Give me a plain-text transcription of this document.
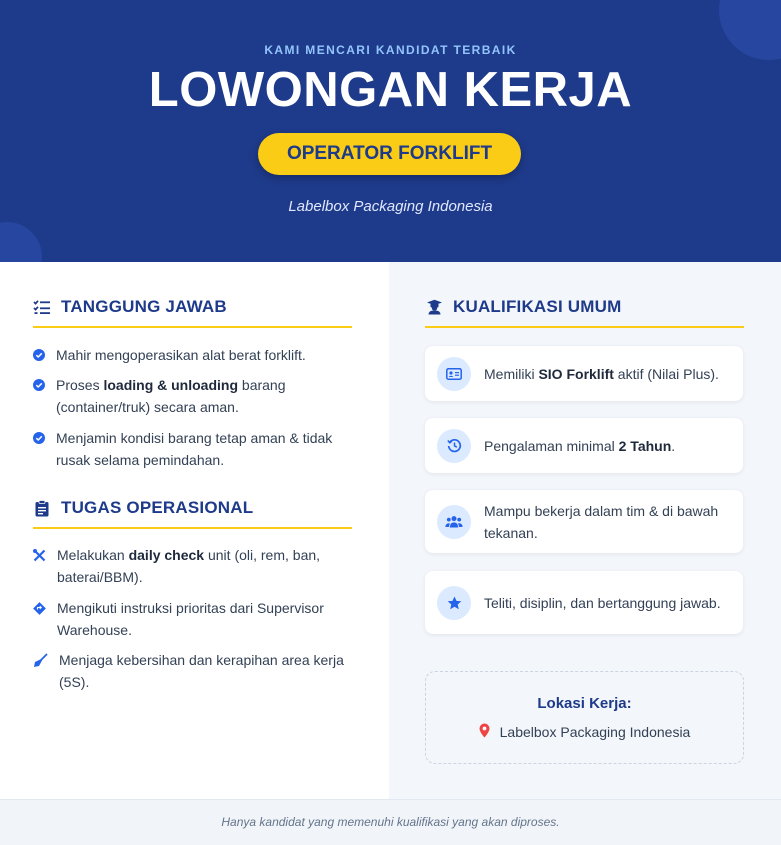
KAMI MENCARI KANDIDAT TERBAIK
LOWONGAN KERJA
OPERATOR FORKLIFT
Labelbox Packaging Indonesia
TANGGUNG JAWAB
Mahir mengoperasikan alat berat forklift.
Proses loading & unloading barang (container/truk) secara aman.
Menjamin kondisi barang tetap aman & tidak rusak selama pemindahan.
TUGAS OPERASIONAL
Melakukan daily check unit (oli, rem, ban, baterai/BBM).
Mengikuti instruksi prioritas dari Supervisor Warehouse.
Menjaga kebersihan dan kerapihan area kerja (5S).
KUALIFIKASI UMUM
Memiliki SIO Forklift aktif (Nilai Plus).
Pengalaman minimal 2 Tahun.
Mampu bekerja dalam tim & di bawah tekanan.
Teliti, disiplin, dan bertanggung jawab.
Lokasi Kerja:
Labelbox Packaging Indonesia
Hanya kandidat yang memenuhi kualifikasi yang akan diproses.
